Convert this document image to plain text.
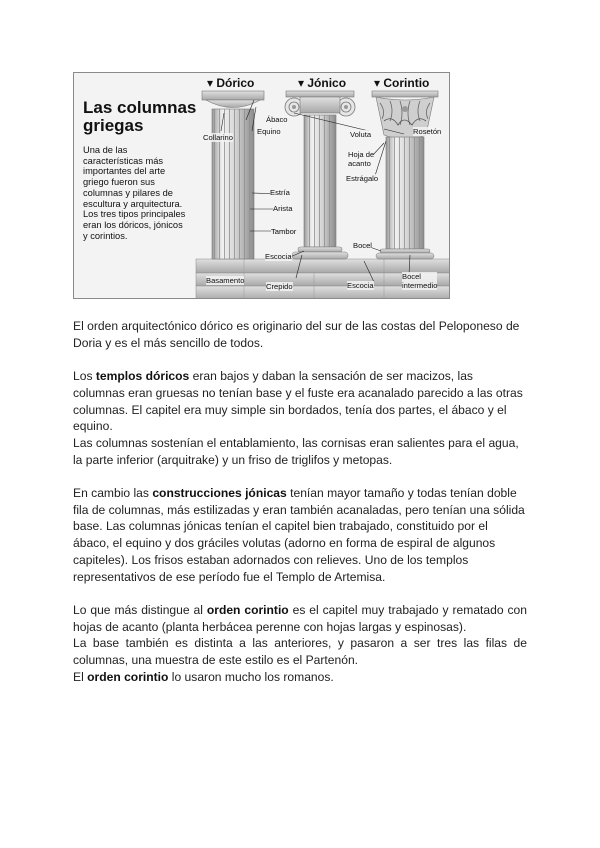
Las columnas
griegas
Una de las
características más
importantes del arte
griego fueron sus
columnas y pilares de
escultura y arquitectura.
Los tres tipos principales
eran los dóricos, jónicos
y corintios.
▾ Dórico	▾ Jónico ▾ Corintio
Ábaco
Equino
Collarino
Estría
Arista
Tambor
Escocia
Basamento
Crepido	Escocia
Voluta	Rosetón
Hoja de
acanto
Estrágalo
Bocel
Bocel
intermedio

El orden arquitectónico dórico es originario del sur de las costas del Peloponeso de Doria y es el más sencillo de todos.

Los templos dóricos eran bajos y daban la sensación de ser macizos, las columnas eran gruesas no tenían base y el fuste era acanalado parecido a las otras columnas. El capitel era muy simple sin bordados, tenía dos partes, el ábaco y el equino.

Las columnas sostenían el entablamiento, las cornisas eran salientes para el agua, la parte inferior (arquitrake) y un friso de triglifos y metopas.

En cambio las construcciones jónicas tenían mayor tamaño y todas tenían doble fila de columnas, más estilizadas y eran también acanaladas, pero tenían una sólida base. Las columnas jónicas tenían el capitel bien trabajado, constituido por el ábaco, el equino y dos gráciles volutas (adorno en forma de espiral de algunos capiteles). Los frisos estaban adornados con relieves. Uno de los templos representativos de ese período fue el Templo de Artemisa.

Lo que más distingue al orden corintio es el capitel muy trabajado y rematado con hojas de acanto (planta herbácea perenne con hojas largas y espinosas).

La base también es distinta a las anteriores, y pasaron a ser tres las filas de columnas, una muestra de este estilo es el Partenón.

El orden corintio lo usaron mucho los romanos.
